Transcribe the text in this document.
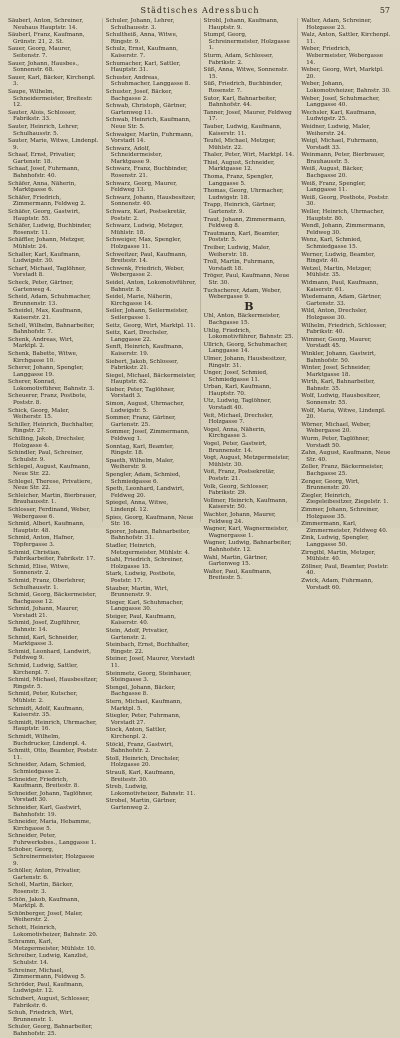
Städtisches Adressbuch	57
Säuberl, Anton, Schreiner, Neuhaus Hauptstr. 14.
Säuberl, Franz, Kaufmann, Grünstr. 21, 2. St.
Sauer, Georg, Maurer, Seitenstr. 7.
Sauer, Johann, Hausbes., Sonnenstr. 68.
Sauer, Karl, Bäcker, Kirchenpl. 3.
Saupe, Wilhelm, Schneidermeister, Breitestr. 12.
Sauter, Alois, Schlosser, Fabrikstr. 33.
Sauter, Heinrich, Lehrer, Schulhausstr. 5.
Sauter, Marie, Witwe, Lindenpl. 9.
Schaaf, Ernst, Privatier, Gartenstr. 18.
Schaaf, Josef, Fuhrmann, Bahnhofstr. 40.
Schäfer, Anna, Näherin, Marktgasse 6.
Schäfer, Friedrich, Zimmermann, Feldweg 2.
Schäfer, Georg, Gastwirt, Hauptstr. 55.
Schäfer, Ludwig, Buchbinder, Rosenstr. 11.
Schäffler, Johann, Metzger, Mühlstr. 24.
Schaller, Karl, Kaufmann, Ludwigstr. 30.
Scharf, Michael, Taglöhner, Vorstadt 8.
Scheck, Peter, Gärtner, Gartenweg 4.
Scheid, Adam, Schuhmacher, Brunnenstr. 13.
Scheidel, Max, Kaufmann, Kaiserstr. 21.
Schell, Wilhelm, Bahnarbeiter, Bahnhofstr. 7.
Schenk, Andreas, Wirt, Marktpl. 2.
Schenk, Babette, Witwe, Kirchgasse 10.
Scherer, Johann, Spengler, Langgasse 19.
Scherer, Konrad, Lokomotivführer, Bahnstr. 3.
Scheuerer, Franz, Postbote, Poststr. 8.
Schick, Georg, Maler, Weiherstr. 15.
Schiller, Heinrich, Buchhalter, Ringstr. 27.
Schilling, Jakob, Drechsler, Holzgasse 4.
Schindler, Paul, Schreiner, Schulstr. 9.
Schlegel, August, Kaufmann, Neue Str. 22.
Schlegel, Therese, Privatiere, Neue Str. 22.
Schleicher, Martin, Bierbrauer, Brauhausstr. 1.
Schlosser, Ferdinand, Weber, Webergasse 6.
Schmid, Albert, Kaufmann, Hauptstr. 48.
Schmid, Anton, Hafner, Töpfergasse 3.
Schmid, Christian, Fabrikarbeiter, Fabrikstr. 17.
Schmid, Elise, Witwe, Sonnenstr. 2.
Schmid, Franz, Oberlehrer, Schulhausstr. 1.
Schmid, Georg, Bäckermeister, Bachgasse 12.
Schmid, Johann, Maurer, Vorstadt 21.
Schmid, Josef, Zugführer, Bahnstr. 14.
Schmid, Karl, Schneider, Marktgasse 3.
Schmid, Leonhard, Landwirt, Feldweg 9.
Schmid, Ludwig, Sattler, Kirchenpl. 7.
Schmid, Michael, Hausbesitzer, Ringstr. 5.
Schmid, Peter, Kutscher, Mühlstr. 2.
Schmidt, Adolf, Kaufmann, Kaiserstr. 35.
Schmidt, Heinrich, Uhrmacher, Hauptstr. 16.
Schmidt, Wilhelm, Buchdrucker, Lindenpl. 4.
Schmitt, Otto, Beamter, Poststr. 11.
Schneider, Adam, Schmied, Schmiedgasse 2.
Schneider, Friedrich, Kaufmann, Breitestr. 8.
Schneider, Johann, Taglöhner, Vorstadt 30.
Schneider, Karl, Gastwirt, Bahnhofstr. 19.
Schneider, Maria, Hebamme, Kirchgasse 5.
Schneider, Peter, Fuhrwerksbes., Langgasse 1.
Schober, Georg, Schreinermeister, Holzgasse 9.
Schöller, Anton, Privatier, Gartenstr. 6.
Scholl, Martin, Bäcker, Rosenstr. 3.
Schön, Jakob, Kaufmann, Marktpl. 8.
Schönberger, Josef, Maler, Weiherstr. 2.
Schott, Heinrich, Lokomotivheizer, Bahnstr. 20.
Schramm, Karl, Metzgermeister, Mühlstr. 10.
Schreiber, Ludwig, Kanzlist, Schulstr. 14.
Schreiner, Michael, Zimmermann, Feldweg 5.
Schröder, Paul, Kaufmann, Ludwigstr. 12.
Schubert, August, Schlosser, Fabrikstr. 6.
Schuh, Friedrich, Wirt, Brunnenstr. 1.
Schuler, Georg, Bahnarbeiter, Bahnhofstr. 25.
Schuler, Johann, Lehrer, Schulhausstr. 3.
Schultheiß, Anna, Witwe, Ringstr. 9.
Schulz, Ernst, Kaufmann, Kaiserstr. 7.
Schumacher, Karl, Sattler, Hauptstr. 31.
Schuster, Andreas, Schuhmacher, Langgasse 8.
Schuster, Josef, Bäcker, Bachgasse 2.
Schwab, Christoph, Gärtner, Gartenweg 11.
Schwab, Heinrich, Kaufmann, Neue Str. 5.
Schwaiger, Martin, Fuhrmann, Vorstadt 14.
Schwarz, Adolf, Schneidermeister, Marktgasse 9.
Schwarz, Franz, Buchbinder, Rosenstr. 21.
Schwarz, Georg, Maurer, Feldweg 13.
Schwarz, Johann, Hausbesitzer, Sonnenstr. 40.
Schwarz, Karl, Postsekretär, Poststr. 2.
Schwarz, Ludwig, Metzger, Mühlstr. 18.
Schweiger, Max, Spengler, Holzgasse 11.
Schweitzer, Paul, Kaufmann, Breitestr. 14.
Schwenk, Friedrich, Weber, Webergasse 2.
Seidel, Anton, Lokomotivführer, Bahnstr. 8.
Seidel, Marie, Näherin, Kirchgasse 14.
Seiler, Johann, Seilermeister, Seilergasse 1.
Seitz, Georg, Wirt, Marktpl. 11.
Seitz, Karl, Drechsler, Langgasse 22.
Senft, Heinrich, Kaufmann, Kaiserstr. 19.
Siebert, Jakob, Schlosser, Fabrikstr. 21.
Siegel, Michael, Bäckermeister, Hauptstr. 62.
Sieber, Peter, Taglöhner, Vorstadt 3.
Simon, August, Uhrmacher, Ludwigstr. 5.
Sommer, Franz, Gärtner, Gartenstr. 25.
Sommer, Josef, Zimmermann, Feldweg 1.
Sonntag, Karl, Beamter, Ringstr. 18.
Spaeth, Wilhelm, Maler, Weiherstr. 9.
Spengler, Adam, Schmied, Schmiedgasse 6.
Speth, Leonhard, Landwirt, Feldweg 20.
Spiegel, Anna, Witwe, Lindenpl. 12.
Spies, Georg, Kaufmann, Neue Str. 16.
Sporer, Johann, Bahnarbeiter, Bahnhofstr. 31.
Stadler, Heinrich, Metzgermeister, Mühlstr. 4.
Stahl, Friedrich, Schreiner, Holzgasse 15.
Stark, Ludwig, Postbote, Poststr. 17.
Stauber, Martin, Wirt, Brunnenstr. 9.
Steger, Karl, Schuhmacher, Langgasse 30.
Steiger, Paul, Kaufmann, Kaiserstr. 40.
Stein, Adolf, Privatier, Gartenstr. 2.
Steinbach, Ernst, Buchhalter, Ringstr. 22.
Steiner, Josef, Maurer, Vorstadt 11.
Steinmetz, Georg, Steinhauer, Steingasse 3.
Stengel, Johann, Bäcker, Bachgasse 8.
Stern, Michael, Kaufmann, Marktpl. 5.
Stiegler, Peter, Fuhrmann, Vorstadt 27.
Stock, Anton, Sattler, Kirchenpl. 2.
Stöckl, Franz, Gastwirt, Bahnhofstr. 2.
Stoll, Heinrich, Drechsler, Holzgasse 20.
Strauß, Karl, Kaufmann, Breitestr. 30.
Streb, Ludwig, Lokomotivheizer, Bahnstr. 11.
Strobel, Martin, Gärtner, Gartenweg 2.
Strobl, Johann, Kaufmann, Hauptstr. 9.
Stumpf, Georg, Schreinermeister, Holzgasse 1.
Sturm, Adam, Schlosser, Fabrikstr. 2.
Süß, Anna, Witwe, Sonnenstr. 15.
Süß, Friedrich, Buchbinder, Rosenstr. 7.
Sutor, Karl, Bahnarbeiter, Bahnhofstr. 44.
Tanner, Josef, Maurer, Feldweg 17.
Tauber, Ludwig, Kaufmann, Kaiserstr. 11.
Teufel, Michael, Metzger, Mühlstr. 22.
Thaler, Peter, Wirt, Marktpl. 14.
Thiel, August, Schneider, Marktgasse 12.
Thoma, Franz, Spengler, Langgasse 5.
Thomas, Georg, Uhrmacher, Ludwigstr. 18.
Trapp, Heinrich, Gärtner, Gartenstr. 9.
Traut, Johann, Zimmermann, Feldweg 8.
Trautmann, Karl, Beamter, Poststr. 5.
Treiber, Ludwig, Maler, Weiherstr. 18.
Troll, Martin, Fuhrmann, Vorstadt 18.
Tröger, Paul, Kaufmann, Neue Str. 30.
Tuchscherer, Adam, Weber, Webergasse 9.
B
Uhl, Anton, Bäckermeister, Bachgasse 15.
Uhlig, Friedrich, Lokomotivführer, Bahnstr. 25.
Ullrich, Georg, Schuhmacher, Langgasse 14.
Ulmer, Johann, Hausbesitzer, Ringstr. 31.
Unger, Josef, Schmied, Schmiedgasse 11.
Urban, Karl, Kaufmann, Hauptstr. 70.
Utz, Ludwig, Taglöhner, Vorstadt 40.
Veit, Michael, Drechsler, Holzgasse 7.
Vogel, Anna, Näherin, Kirchgasse 3.
Vogel, Peter, Gastwirt, Brunnenstr. 14.
Vogt, August, Metzgermeister, Mühlstr. 30.
Voit, Franz, Postsekretär, Poststr. 21.
Volk, Georg, Schlosser, Fabrikstr. 29.
Vollmer, Heinrich, Kaufmann, Kaiserstr. 50.
Wachter, Johann, Maurer, Feldweg 24.
Wagner, Karl, Wagnermeister, Wagnergasse 1.
Wagner, Ludwig, Bahnarbeiter, Bahnhofstr. 12.
Wahl, Martin, Gärtner, Gartenweg 15.
Walter, Paul, Kaufmann, Breitestr. 5.
Walter, Adam, Schreiner, Holzgasse 23.
Walz, Anton, Sattler, Kirchenpl. 11.
Weber, Friedrich, Webermeister, Webergasse 14.
Weber, Georg, Wirt, Marktpl. 20.
Weber, Johann, Lokomotivheizer, Bahnstr. 30.
Weber, Josef, Schuhmacher, Langgasse 40.
Wechsler, Karl, Kaufmann, Ludwigstr. 25.
Weidner, Ludwig, Maler, Weiherstr. 24.
Weigl, Michael, Fuhrmann, Vorstadt 33.
Weinmann, Peter, Bierbrauer, Brauhausstr. 5.
Weiß, August, Bäcker, Bachgasse 20.
Weiß, Franz, Spengler, Langgasse 11.
Weiß, Georg, Postbote, Poststr. 30.
Weller, Heinrich, Uhrmacher, Hauptstr. 80.
Wendl, Johann, Zimmermann, Feldweg 30.
Wenz, Karl, Schmied, Schmiedgasse 15.
Werner, Ludwig, Beamter, Ringstr. 40.
Wetzel, Martin, Metzger, Mühlstr. 35.
Widmann, Paul, Kaufmann, Kaiserstr. 61.
Wiedemann, Adam, Gärtner, Gartenstr. 33.
Wild, Anton, Drechsler, Holzgasse 30.
Wilhelm, Friedrich, Schlosser, Fabrikstr. 40.
Wimmer, Georg, Maurer, Vorstadt 45.
Winkler, Johann, Gastwirt, Bahnhofstr. 50.
Winter, Josef, Schneider, Marktgasse 18.
Wirth, Karl, Bahnarbeiter, Bahnstr. 35.
Wolf, Ludwig, Hausbesitzer, Sonnenstr. 55.
Wolf, Maria, Witwe, Lindenpl. 20.
Wörner, Michael, Weber, Webergasse 20.
Wurm, Peter, Taglöhner, Vorstadt 50.
Zahn, August, Kaufmann, Neue Str. 40.
Zeller, Franz, Bäckermeister, Bachgasse 25.
Zenger, Georg, Wirt, Brunnenstr. 20.
Ziegler, Heinrich, Ziegeleibesitzer, Ziegelstr. 1.
Zimmer, Johann, Schreiner, Holzgasse 35.
Zimmermann, Karl, Zimmermeister, Feldweg 40.
Zink, Ludwig, Spengler, Langgasse 50.
Zirngibl, Martin, Metzger, Mühlstr. 40.
Zöllner, Paul, Beamter, Poststr. 40.
Zwick, Adam, Fuhrmann, Vorstadt 60.
